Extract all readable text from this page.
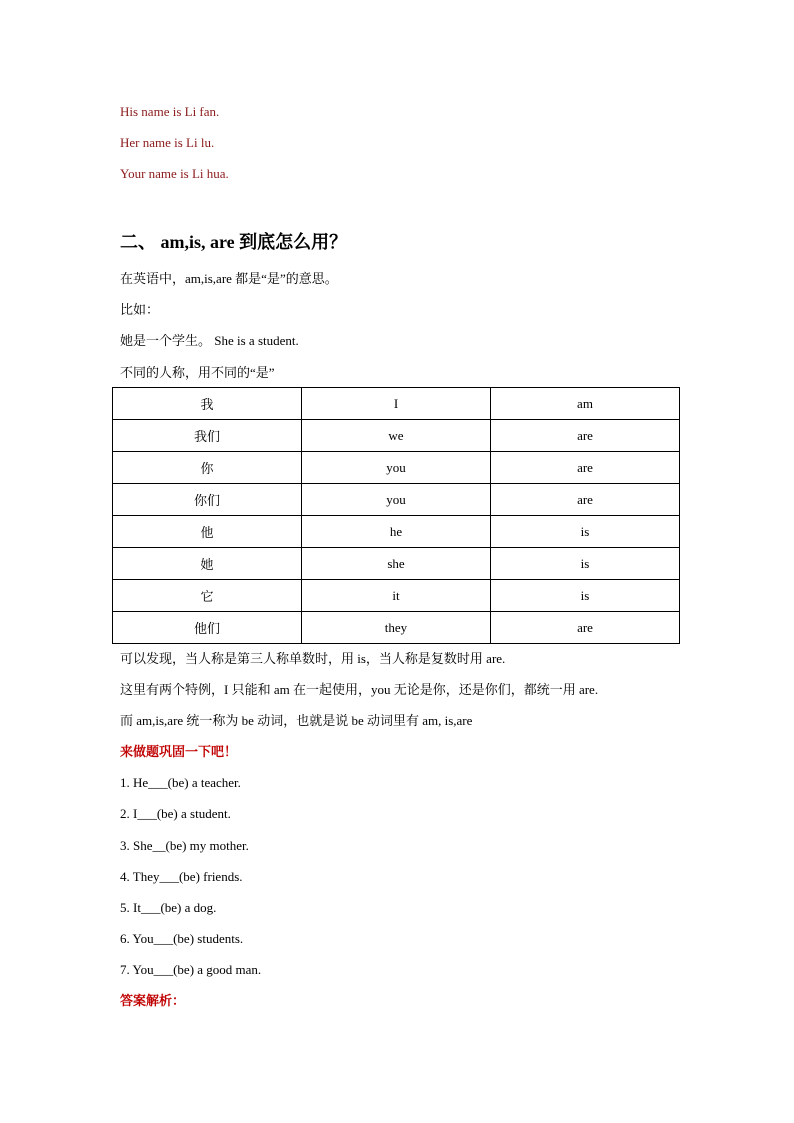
His name is Li fan.
Her name is Li lu.
Your name is Li hua.
二、 am,is, are 到底怎么用？
在英语中，am,is,are 都是“是”的意思。
比如：
她是一个学生。 She is a student.
不同的人称，用不同的“是”
我	I	am
我们	we	are
你	you	are
你们	you	are
他	he	is
她	she	is
它	it	is
他们	they	are
可以发现，当人称是第三人称单数时，用 is，当人称是复数时用 are.
这里有两个特例，I 只能和 am 在一起使用，you 无论是你，还是你们，都统一用 are.
而 am,is,are 统一称为 be 动词，也就是说 be 动词里有 am, is,are
来做题巩固一下吧！
1. He___(be) a teacher.
2. I___(be) a student.
3. She__(be) my mother.
4. They___(be) friends.
5. It___(be) a dog.
6. You___(be) students.
7. You___(be) a good man.
答案解析：
